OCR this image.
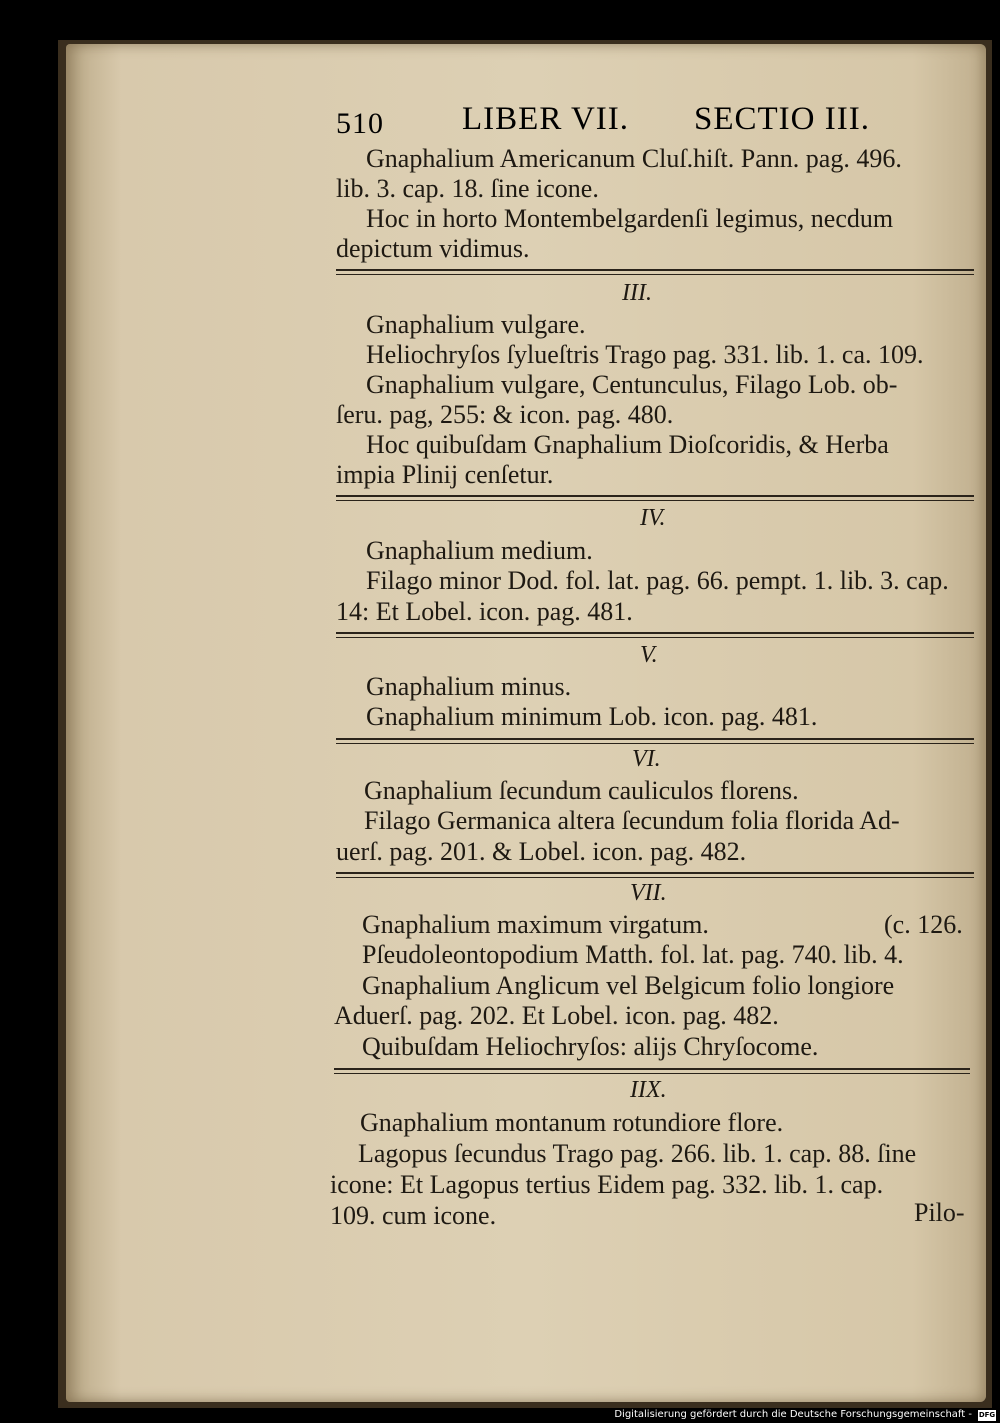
510 LIBER VII. SECTIO III.
Gnaphalium Americanum Cluſ.hiſt. Pann. pag. 496.
lib. 3. cap. 18. ſine icone.
Hoc in horto Montembelgardenſi legimus, necdum
depictum vidimus.
III.
Gnaphalium vulgare.
Heliochryſos ſylueſtris Trago pag. 331. lib. 1. ca. 109.
Gnaphalium vulgare, Centunculus, Filago Lob. ob-
ſeru. pag, 255: & icon. pag. 480.
Hoc quibuſdam Gnaphalium Dioſcoridis, & Herba
impia Plinij cenſetur.
IV.
Gnaphalium medium.
Filago minor Dod. fol. lat. pag. 66. pempt. 1. lib. 3. cap.
14: Et Lobel. icon. pag. 481.
V.
Gnaphalium minus.
Gnaphalium minimum Lob. icon. pag. 481.
VI.
Gnaphalium ſecundum cauliculos florens.
Filago Germanica altera ſecundum folia florida Ad-
uerſ. pag. 201. & Lobel. icon. pag. 482.
VII.
Gnaphalium maximum virgatum.	(c. 126.
Pſeudoleontopodium Matth. fol. lat. pag. 740. lib. 4.
Gnaphalium Anglicum vel Belgicum folio longiore
Aduerſ. pag. 202. Et Lobel. icon. pag. 482.
Quibuſdam Heliochryſos: alijs Chryſocome.
IIX.
Gnaphalium montanum rotundiore flore.
Lagopus ſecundus Trago pag. 266. lib. 1. cap. 88. ſine
icone: Et Lagopus tertius Eidem pag. 332. lib. 1. cap.
109. cum icone.	Pilo-
Digitalisierung gefördert durch die Deutsche Forschungsgemeinschaft - DFG
